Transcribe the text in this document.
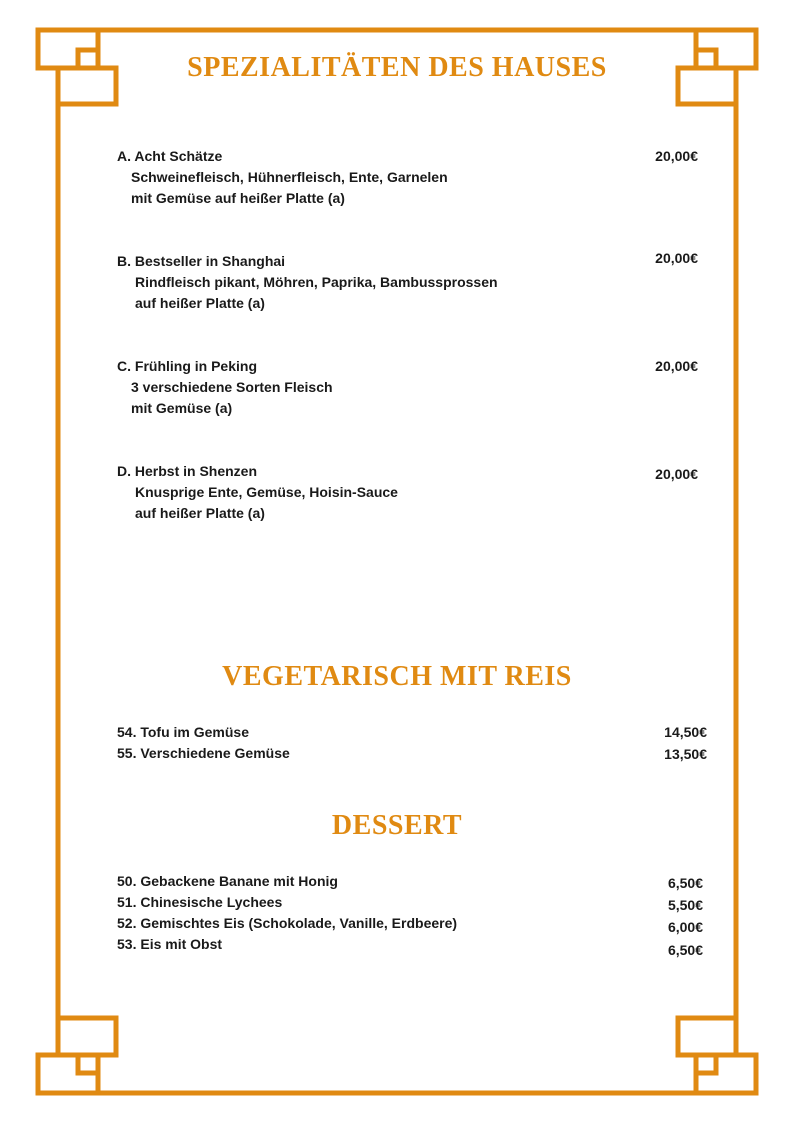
SPEZIALITÄTEN DES HAUSES

A. Acht Schätze

Schweinefleisch, Hühnerfleisch, Ente, Garnelen

mit Gemüse auf heißer Platte (a)

20,00€

B. Bestseller in Shanghai

Rindfleisch pikant, Möhren, Paprika, Bambussprossen

auf heißer Platte (a)

20,00€

C. Frühling in Peking

3 verschiedene Sorten Fleisch

mit Gemüse (a)

20,00€

D. Herbst in Shenzen

Knusprige Ente, Gemüse, Hoisin-Sauce

auf heißer Platte (a)

20,00€

VEGETARISCH MIT REIS

54. Tofu im Gemüse	14,50€

55. Verschiedene Gemüse	13,50€

DESSERT

50. Gebackene Banane mit Honig	6,50€

51. Chinesische Lychees	5,50€

52. Gemischtes Eis (Schokolade, Vanille, Erdbeere)	6,00€

53. Eis mit Obst	6,50€
